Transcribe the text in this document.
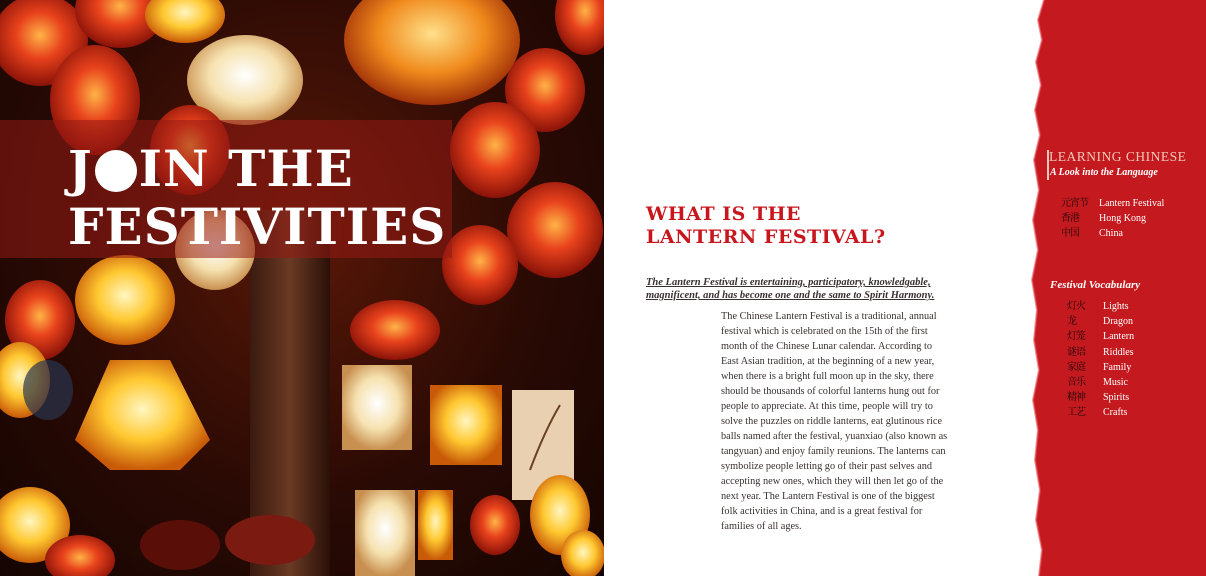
J IN THE
FESTIVITIES	WHAT IS THE
LANTERN FESTIVAL?

The Lantern Festival is entertaining, participatory, knowledgable, magnificent, and has become one and the same to Spirit Harmony.

The Chinese Lantern Festival is a traditional, annual festival which is celebrated on the 15th of the first month of the Chinese Lunar calendar. According to East Asian tradition, at the beginning of a new year, when there is a bright full moon up in the sky, there should be thousands of colorful lanterns hung out for people to appreciate. At this time, people will try to solve the puzzles on riddle lanterns, eat glutinous rice balls named after the festival, yuanxiao (also known as tangyuan) and enjoy family reunions. The lanterns can symbolize people letting go of their past selves and accepting new ones, which they will then let go of the next year. The Lantern Festival is one of the biggest folk activities in China, and is a great festival for families of all ages.

LEARNING CHINESE

A Look into the Language

元宵节 Lantern Festival
香港 Hong Kong
中国 China

Festival Vocabulary

灯火 Lights
龙	Dragon
灯笼 Lantern
谜语 Riddles
家庭 Family
音乐 Music
精神 Spirits
工艺 Crafts
